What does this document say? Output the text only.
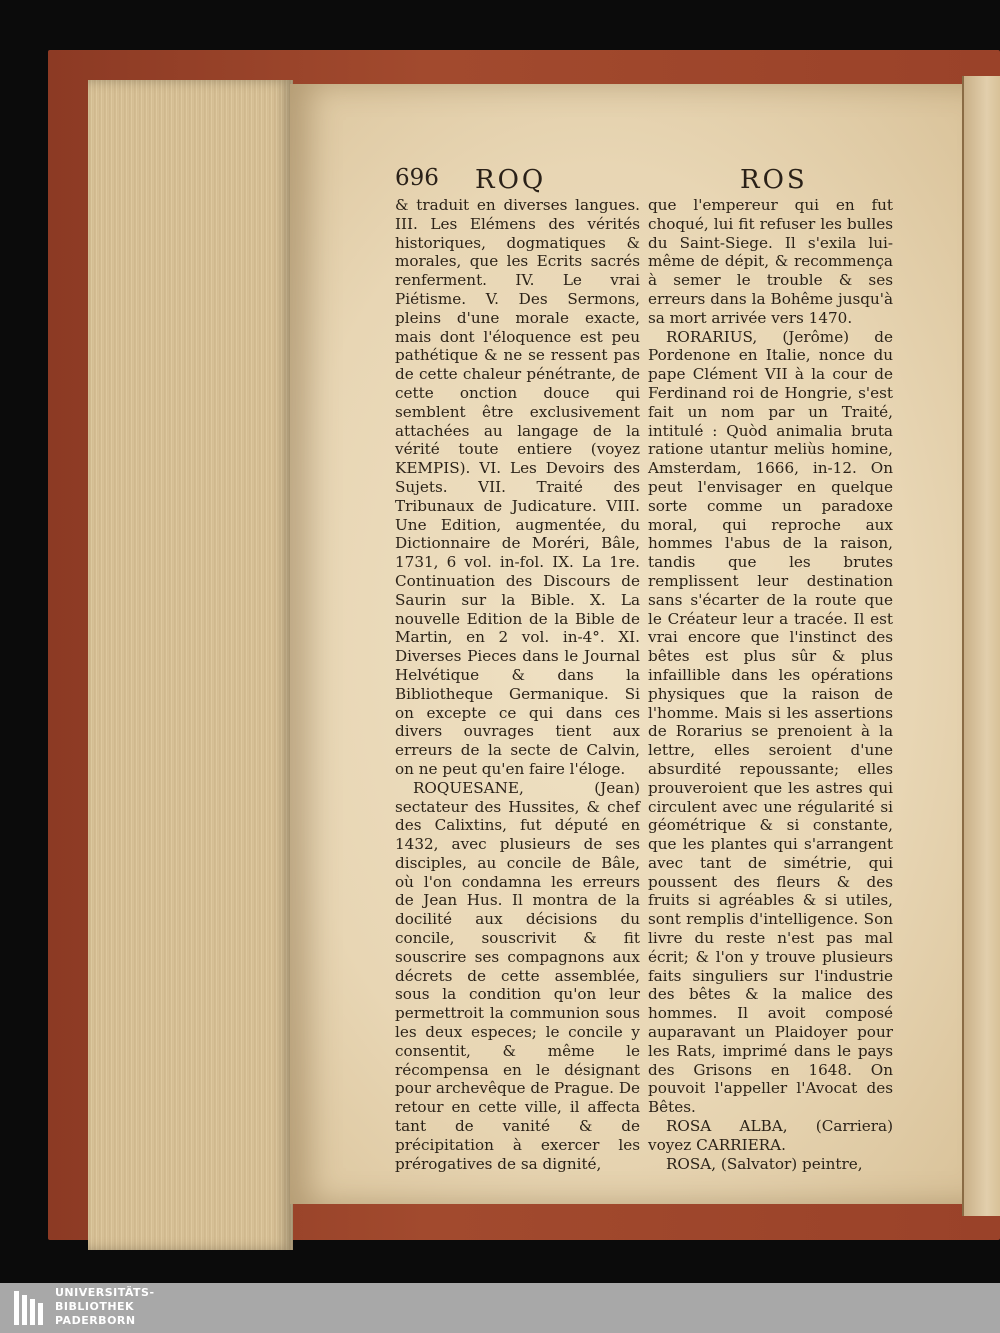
696 ROQ	ROS

& traduit en diverses langues. III. Les Elémens des vérités historiques, dogmatiques & morales, que les Ecrits sacrés renferment. IV. Le vrai Piétisme. V. Des Sermons, pleins d'une morale exacte, mais dont l'éloquence est peu pathétique & ne se ressent pas de cette chaleur pénétrante, de cette onction douce qui semblent être exclusivement attachées au langage de la vérité toute entiere (voyez KEMPIS). VI. Les Devoirs des Sujets. VII. Traité des Tribunaux de Judicature. VIII. Une Edition, augmentée, du Dictionnaire de Moréri, Bâle, 1731, 6 vol. in-fol. IX. La 1re. Continuation des Discours de Saurin sur la Bible. X. La nouvelle Edition de la Bible de Martin, en 2 vol. in-4°. XI. Diverses Pieces dans le Journal Helvétique & dans la Bibliotheque Germanique. Si on excepte ce qui dans ces divers ouvrages tient aux erreurs de la secte de Calvin, on ne peut qu'en faire l'éloge.

ROQUESANE, (Jean) sectateur des Hussites, & chef des Calixtins, fut député en 1432, avec plusieurs de ses disciples, au concile de Bâle, où l'on condamna les erreurs de Jean Hus. Il montra de la docilité aux décisions du concile, souscrivit & fit souscrire ses compagnons aux décrets de cette assemblée, sous la condition qu'on leur permettroit la communion sous les deux especes; le concile y consentit, & même le récompensa en le désignant pour archevêque de Prague. De retour en cette ville, il affecta tant de vanité & de précipitation à exercer les prérogatives de sa dignité,

que l'empereur qui en fut choqué, lui fit refuser les bulles du Saint-Siege. Il s'exila lui-même de dépit, & recommença à semer le trouble & ses erreurs dans la Bohême jusqu'à sa mort arrivée vers 1470.

RORARIUS, (Jerôme) de Pordenone en Italie, nonce du pape Clément VII à la cour de Ferdinand roi de Hongrie, s'est fait un nom par un Traité, intitulé : Quòd animalia bruta ratione utantur meliùs homine, Amsterdam, 1666, in-12. On peut l'envisager en quelque sorte comme un paradoxe moral, qui reproche aux hommes l'abus de la raison, tandis que les brutes remplissent leur destination sans s'écarter de la route que le Créateur leur a tracée. Il est vrai encore que l'instinct des bêtes est plus sûr & plus infaillible dans les opérations physiques que la raison de l'homme. Mais si les assertions de Rorarius se prenoient à la lettre, elles seroient d'une absurdité repoussante; elles prouveroient que les astres qui circulent avec une régularité si géométrique & si constante, que les plantes qui s'arrangent avec tant de simétrie, qui poussent des fleurs & des fruits si agréables & si utiles, sont remplis d'intelligence. Son livre du reste n'est pas mal écrit; & l'on y trouve plusieurs faits singuliers sur l'industrie des bêtes & la malice des hommes. Il avoit composé auparavant un Plaidoyer pour les Rats, imprimé dans le pays des Grisons en 1648. On pouvoit l'appeller l'Avocat des Bêtes.

ROSA ALBA, (Carriera) voyez CARRIERA.

ROSA, (Salvator) peintre,

UNIVERSITÄTS-
BIBLIOTHEK
PADERBORN
